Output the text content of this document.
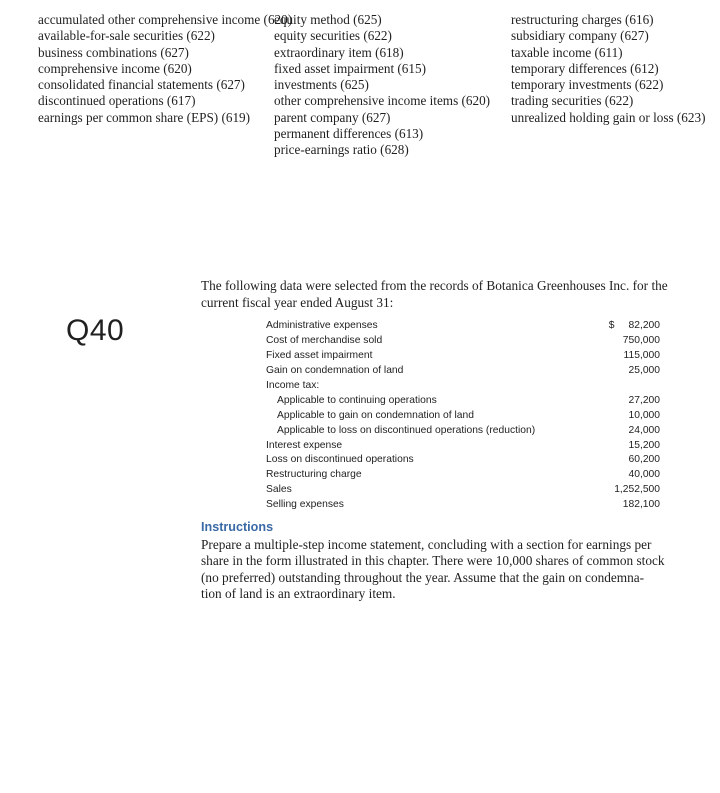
accumulated other comprehensive income (620)
available-for-sale securities (622)
business combinations (627)
comprehensive income (620)
consolidated financial statements (627)
discontinued operations (617)
earnings per common share (EPS) (619)
equity method (625)
equity securities (622)
extraordinary item (618)
fixed asset impairment (615)
investments (625)
other comprehensive income items (620)
parent company (627)
permanent differences (613)
price-earnings ratio (628)
restructuring charges (616)
subsidiary company (627)
taxable income (611)
temporary differences (612)
temporary investments (622)
trading securities (622)
unrealized holding gain or loss (623)
Q40
The following data were selected from the records of Botanica Greenhouses Inc. for the
current fiscal year ended August 31:
Administrative expenses	$ 82,200
Cost of merchandise sold	750,000
Fixed asset impairment	115,000
Gain on condemnation of land	25,000
Income tax:
Applicable to continuing operations	27,200
Applicable to gain on condemnation of land	10,000
Applicable to loss on discontinued operations (reduction)	24,000
Interest expense	15,200
Loss on discontinued operations	60,200
Restructuring charge	40,000
Sales	1,252,500
Selling expenses	182,100
Instructions
Prepare a multiple-step income statement, concluding with a section for earnings per
share in the form illustrated in this chapter. There were 10,000 shares of common stock
(no preferred) outstanding throughout the year. Assume that the gain on condemna-
tion of land is an extraordinary item.
